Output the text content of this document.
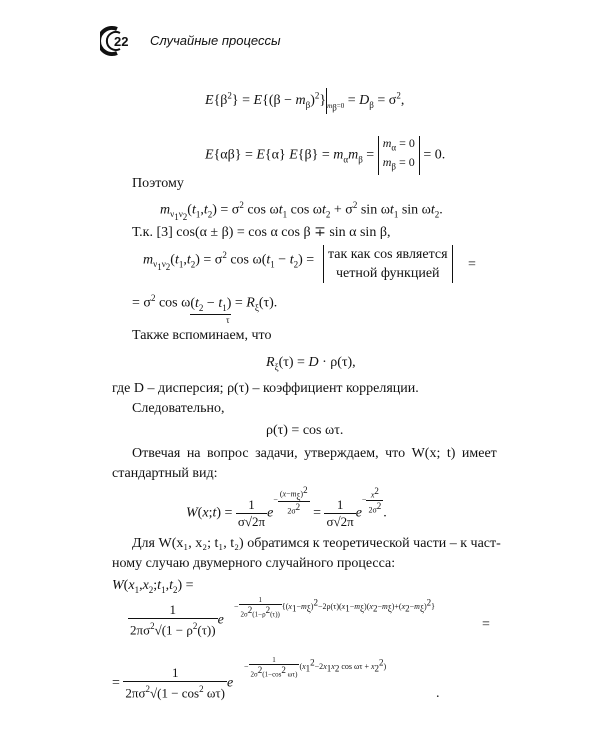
22 Случайные процессы
$E\{\beta^2\} = E\{(\beta - m_\beta)^2\}_{m_\beta=0} = D_\beta = \sigma^2$,
E{αβ} = E{α} $E\{\beta\} = m_\alpha m_\beta$ =
$m_\alpha = 0$
$m_\beta = 0 = 0$.
Поэтому
$m_{\nu_1\nu_2}(t_1,t_2) = \sigma^2$ $\cos \omega t_1$ $\cos \omega t_2 + \sigma^2$ $\sin \omega t_1$ $\sin \omega t_2$.
Т.к. [3] cos(α ± β) = cos α cos β ∓ sin α sin β,
$m_{\nu_1\nu_2}(t_1,t_2) = \sigma^2$ $\cos \omega(t_1 - t_2)$ = так как cos является
четной функцией
=
= $\sigma^2$ $\cos \omega(t_2 - t_1) = R_\xi(\tau)$.
τ
Также вспоминаем, что
$R_\xi(\tau) = D \cdot \rho(\tau)$,
где D – дисперсия; ρ(τ) – коэффициент корреляции.
Следовательно,
ρ(τ) = cos ωτ.
Отвечая на вопрос задачи, утверждаем, что W(x; t) имеет
стандартный вид:
W(x;t) = $\frac{1}{\sigma√2\pi} e^{- \frac{(x-m_\xi)^2}{2\sigma^2}} = \frac{1}{\sigma√2\pi} e^{- \frac{x^2}{2\sigma^2}}$ .
Для W(x₁, x₂; t₁, t₂) обратимся к теоретической части – к част-
ному случаю двумерного случайного процесса:
$W(x_1,x_2;t_1,t_2)$ =
$\frac{1}{2\pi\sigma^2√(1 - \rho^2(\tau))}$ e
− $\frac{1}{2\sigma^2(1-\rho^2(\tau))} \{(x_1-m_\xi)^2-2\rho(\tau)(x_1-m_\xi)(x_2-m_\xi)+(x_2-m_\xi)^2\}$
=
= $\frac{1}{2\pi\sigma^2√(1 - \cos^2 \omega\tau)}$ e
− $\frac{1}{2\sigma^2(1-\cos^2 \omega\tau)} (x_1^2-2x_1x_2$ $\cos \omega\tau + x_2^2$)
.
